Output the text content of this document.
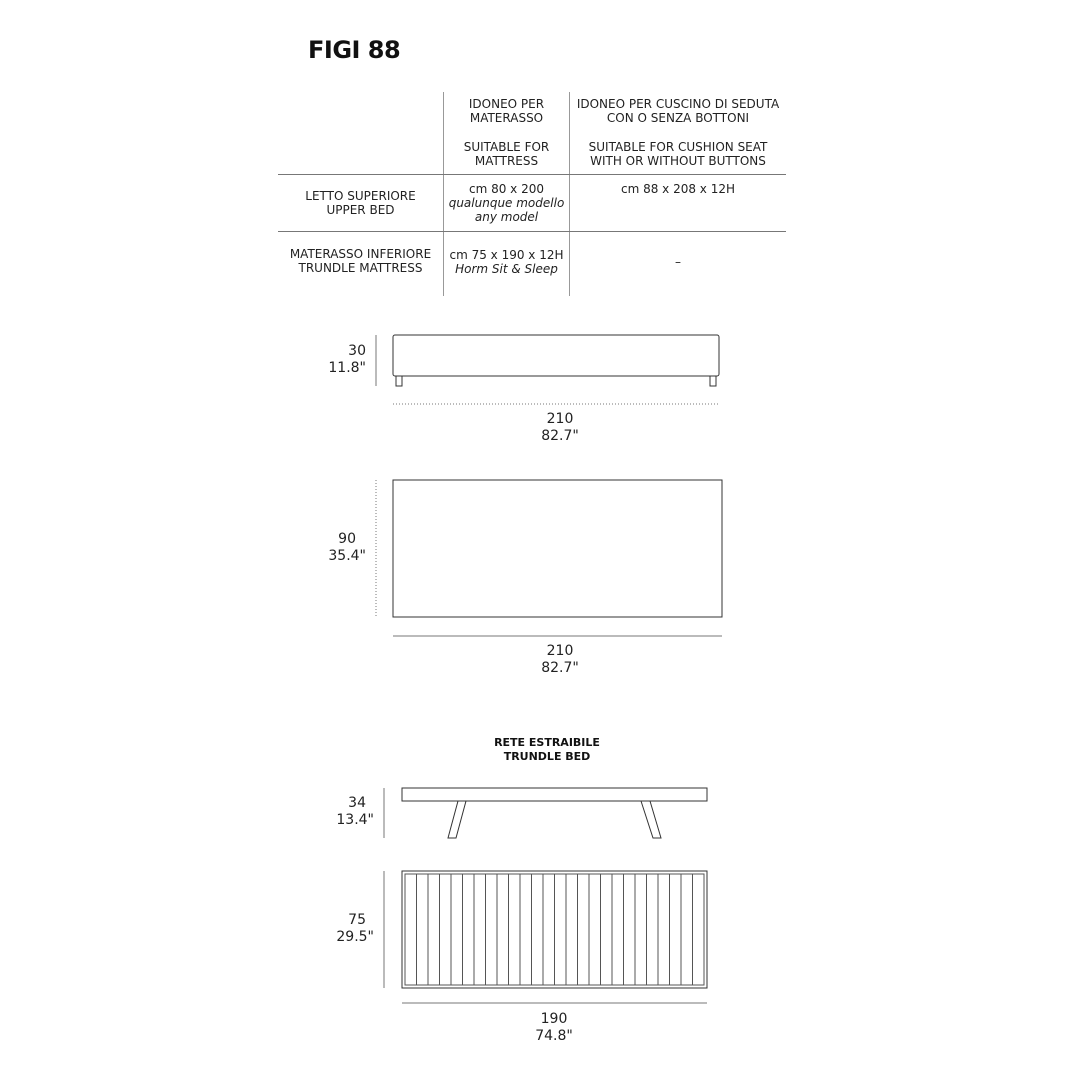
FIGI 88
IDONEO PER
MATERASSO
SUITABLE FOR
MATTRESS
IDONEO PER CUSCINO DI SEDUTA
CON O SENZA BOTTONI
SUITABLE FOR CUSHION SEAT
WITH OR WITHOUT BUTTONS
LETTO SUPERIORE
UPPER BED
cm 80 x 200
qualunque modello
any model
cm 88 x 208 x 12H
MATERASSO INFERIORE
TRUNDLE MATTRESS
cm 75 x 190 x 12H
Horm Sit & Sleep	–
30
11.8"
210
82.7"
90
35.4"
210
82.7"
RETE ESTRAIBILE
TRUNDLE BED
34
13.4"
75
29.5"
190
74.8"
